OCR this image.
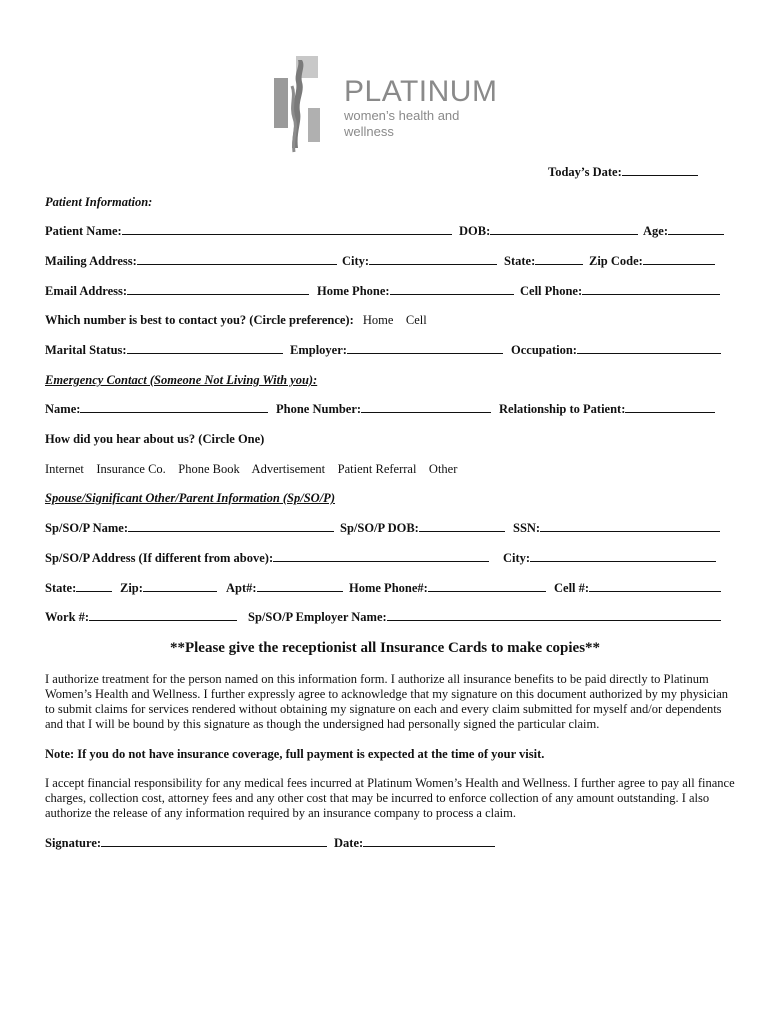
PLATINUM
women’s health and wellness
Today’s Date:
Patient Information:
Patient Name:	DOB:	Age:
Mailing Address:	City:	State:	Zip Code:
Email Address:	Home Phone:	Cell Phone:
Which number is best to contact you? (Circle preference): Home    Cell
Marital Status:	Employer:	Occupation:
Emergency Contact (Someone Not Living With you):
Name:	Phone Number:	Relationship to Patient:
How did you hear about us? (Circle One)
Internet    Insurance Co.    Phone Book    Advertisement    Patient Referral    Other
Spouse/Significant Other/Parent Information (Sp/SO/P)
Sp/SO/P Name:	Sp/SO/P DOB:	SSN:
Sp/SO/P Address (If different from above):	City:
State:	Zip:	Apt#:	Home Phone#:	Cell #:
Work #:	Sp/SO/P Employer Name:
**Please give the receptionist all Insurance Cards to make copies**
I authorize treatment for the person named on this information form. I authorize all insurance benefits to be paid directly to Platinum Women’s Health and Wellness. I further expressly agree to acknowledge that my signature on this document authorized by my physician to submit claims for services rendered without obtaining my signature on each and every claim submitted for myself and/or dependents and that I will be bound by this signature as though the undersigned had personally signed the particular claim.
Note: If you do not have insurance coverage, full payment is expected at the time of your visit.
I accept financial responsibility for any medical fees incurred at Platinum Women’s Health and Wellness. I further agree to pay all finance charges, collection cost, attorney fees and any other cost that may be incurred to enforce collection of any amount outstanding. I also authorize the release of any information required by an insurance company to process a claim.
Signature:	Date:
